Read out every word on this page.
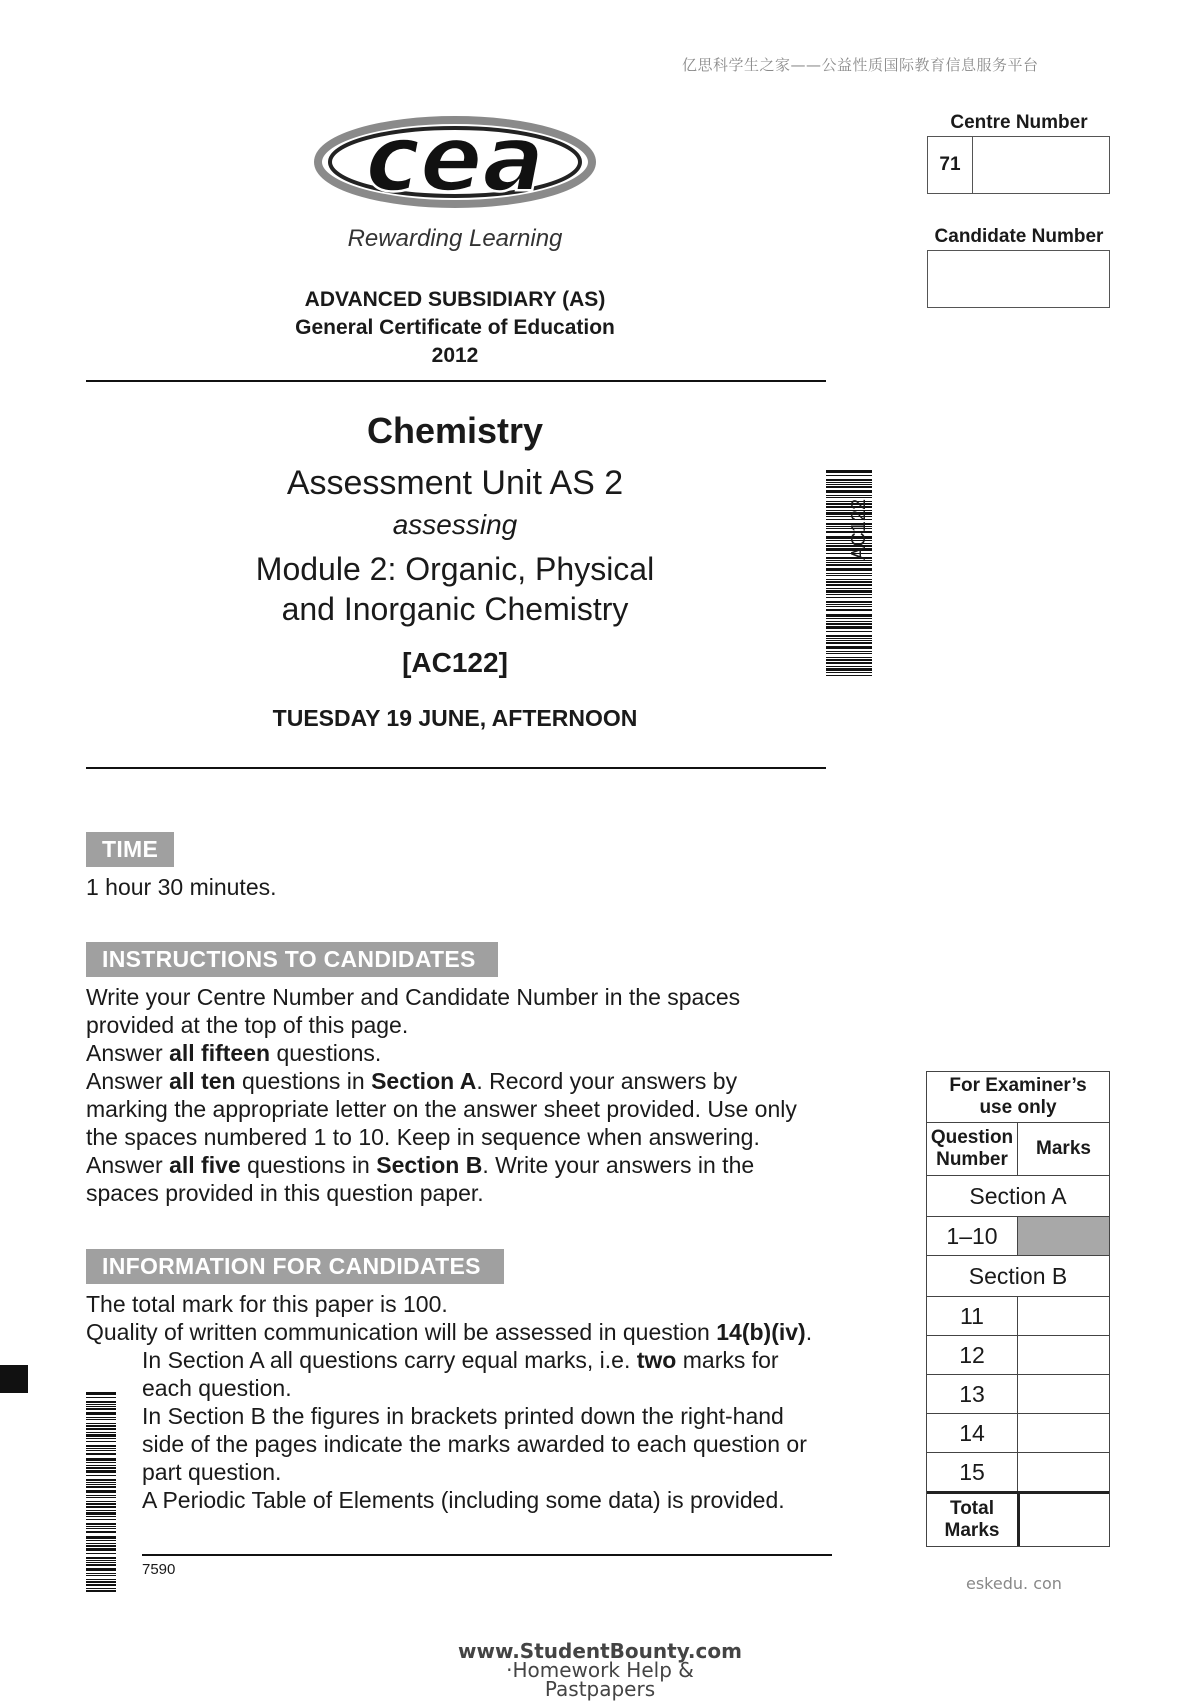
亿思科学生之家——公益性质国际教育信息服务平台
cea
Rewarding Learning
ADVANCED SUBSIDIARY (AS)
General Certificate of Education
2012
Chemistry
Assessment Unit AS 2
assessing
Module 2: Organic, Physical
and Inorganic Chemistry
[AC122]
TUESDAY 19 JUNE, AFTERNOON
AC122
Centre Number
71
Candidate Number
TIME
1 hour 30 minutes.
INSTRUCTIONS TO CANDIDATES
Write your Centre Number and Candidate Number in the spaces
provided at the top of this page.
Answer all fifteen questions.
Answer all ten questions in Section A. Record your answers by
marking the appropriate letter on the answer sheet provided. Use only
the spaces numbered 1 to 10. Keep in sequence when answering.
Answer all five questions in Section B. Write your answers in the
spaces provided in this question paper.
INFORMATION FOR CANDIDATES
The total mark for this paper is 100.
Quality of written communication will be assessed in question 14(b)(iv).
In Section A all questions carry equal marks, i.e. two marks for
each question.
In Section B the figures in brackets printed down the right-hand
side of the pages indicate the marks awarded to each question or
part question.
A Periodic Table of Elements (including some data) is provided.
7590
For Examiner’s
use only
Question
Number
Marks
Section A
1–10
Section B
11
12
13
14
15
Total
Marks
eskedu. con
www.StudentBounty.com
·Homework Help & Pastpapers
